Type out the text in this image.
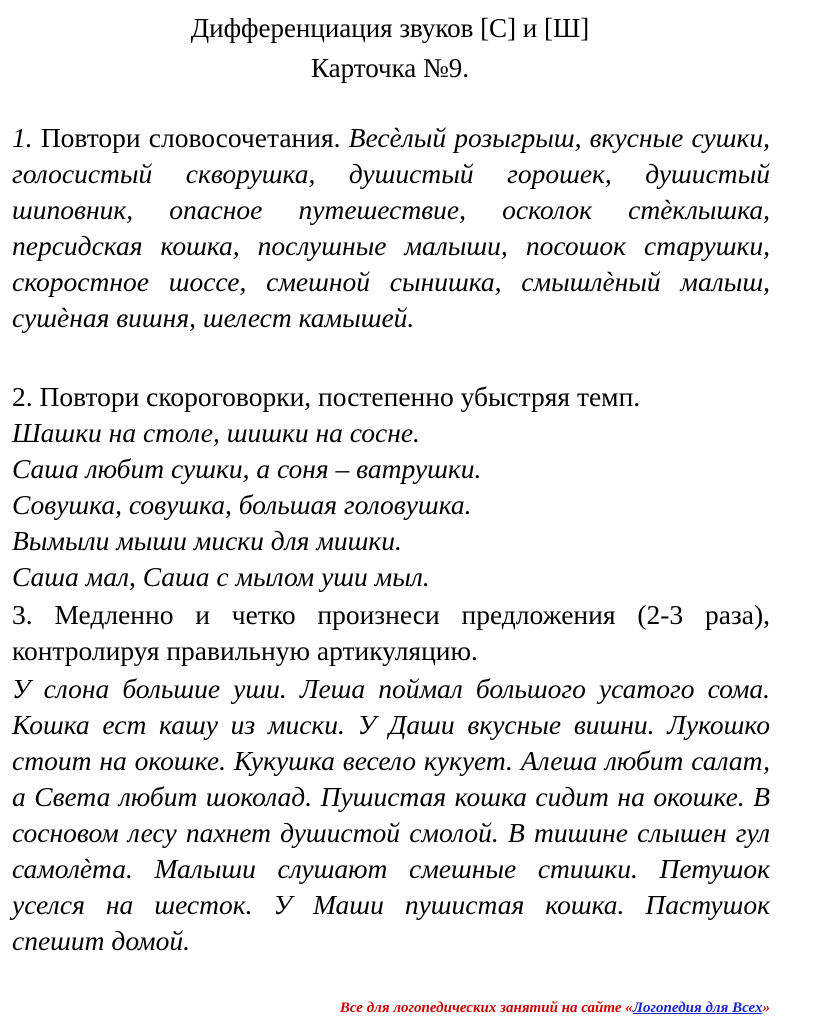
Дифференциация звуков [С] и [Ш]
Карточка №9.

1. Повтори словосочетания. Весѐлый розыгрыш, вкусные сушки, голосистый скворушка, душистый горошек, душистый шиповник, опасное путешествие, осколок стѐклышка, персидская кошка, послушные малыши, посошок старушки, скоростное шоссе, смешной сынишка, смышлѐный малыш, сушѐная вишня, шелест камышей.

2. Повтори скороговорки, постепенно убыстряя темп.

Шашки на столе, шишки на сосне.

Саша любит сушки, а соня – ватрушки.

Совушка, совушка, большая головушка.

Вымыли мыши миски для мишки.

Саша мал, Саша с мылом уши мыл.

3. Медленно и четко произнеси предложения (2-3 раза), контролируя правильную артикуляцию.

У слона большие уши. Леша поймал большого усатого сома. Кошка ест кашу из миски. У Даши вкусные вишни. Лукошко стоит на окошке. Кукушка весело кукует. Алеша любит салат, а Света любит шоколад. Пушистая кошка сидит на окошке. В сосновом лесу пахнет душистой смолой. В тишине слышен гул самолѐта. Малыши слушают смешные стишки. Петушок уселся на шесток. У Маши пушистая кошка. Пастушок спешит домой.

Все для логопедических занятий на сайте «Логопедия для Всех»
